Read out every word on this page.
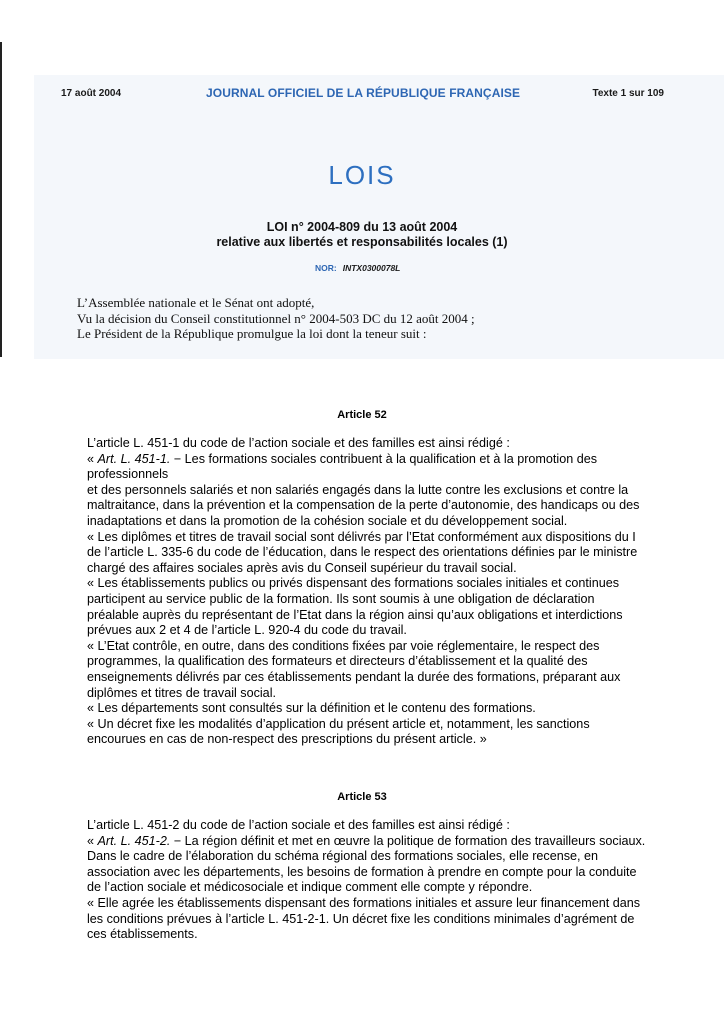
17 août 2004	JOURNAL OFFICIEL DE LA RÉPUBLIQUE FRANÇAISE	Texte 1 sur 109
LOIS
LOI n° 2004-809 du 13 août 2004
relative aux libertés et responsabilités locales (1)
NOR: INTX0300078L
L’Assemblée nationale et le Sénat ont adopté,
Vu la décision du Conseil constitutionnel n° 2004-503 DC du 12 août 2004 ;
Le Président de la République promulgue la loi dont la teneur suit :
Article 52

L’article L. 451-1 du code de l’action sociale et des familles est ainsi rédigé :

« Art. L. 451-1. − Les formations sociales contribuent à la qualification et à la promotion des professionnels

et des personnels salariés et non salariés engagés dans la lutte contre les exclusions et contre la maltraitance, dans la prévention et la compensation de la perte d’autonomie, des handicaps ou des inadaptations et dans la promotion de la cohésion sociale et du développement social.

« Les diplômes et titres de travail social sont délivrés par l’Etat conformément aux dispositions du I de l’article L. 335-6 du code de l’éducation, dans le respect des orientations définies par le ministre chargé des affaires sociales après avis du Conseil supérieur du travail social.

« Les établissements publics ou privés dispensant des formations sociales initiales et continues participent au service public de la formation. Ils sont soumis à une obligation de déclaration préalable auprès du représentant de l’Etat dans la région ainsi qu’aux obligations et interdictions prévues aux 2 et 4 de l’article L. 920-4 du code du travail.

« L’Etat contrôle, en outre, dans des conditions fixées par voie réglementaire, le respect des programmes, la qualification des formateurs et directeurs d’établissement et la qualité des enseignements délivrés par ces établissements pendant la durée des formations, préparant aux diplômes et titres de travail social.

« Les départements sont consultés sur la définition et le contenu des formations.

« Un décret fixe les modalités d’application du présent article et, notamment, les sanctions encourues en cas de non-respect des prescriptions du présent article. »

Article 53

L’article L. 451-2 du code de l’action sociale et des familles est ainsi rédigé :

« Art. L. 451-2. − La région définit et met en œuvre la politique de formation des travailleurs sociaux. Dans le cadre de l’élaboration du schéma régional des formations sociales, elle recense, en association avec les départements, les besoins de formation à prendre en compte pour la conduite de l’action sociale et médicosociale et indique comment elle compte y répondre.

« Elle agrée les établissements dispensant des formations initiales et assure leur financement dans les conditions prévues à l’article L. 451-2-1. Un décret fixe les conditions minimales d’agrément de ces établissements.
